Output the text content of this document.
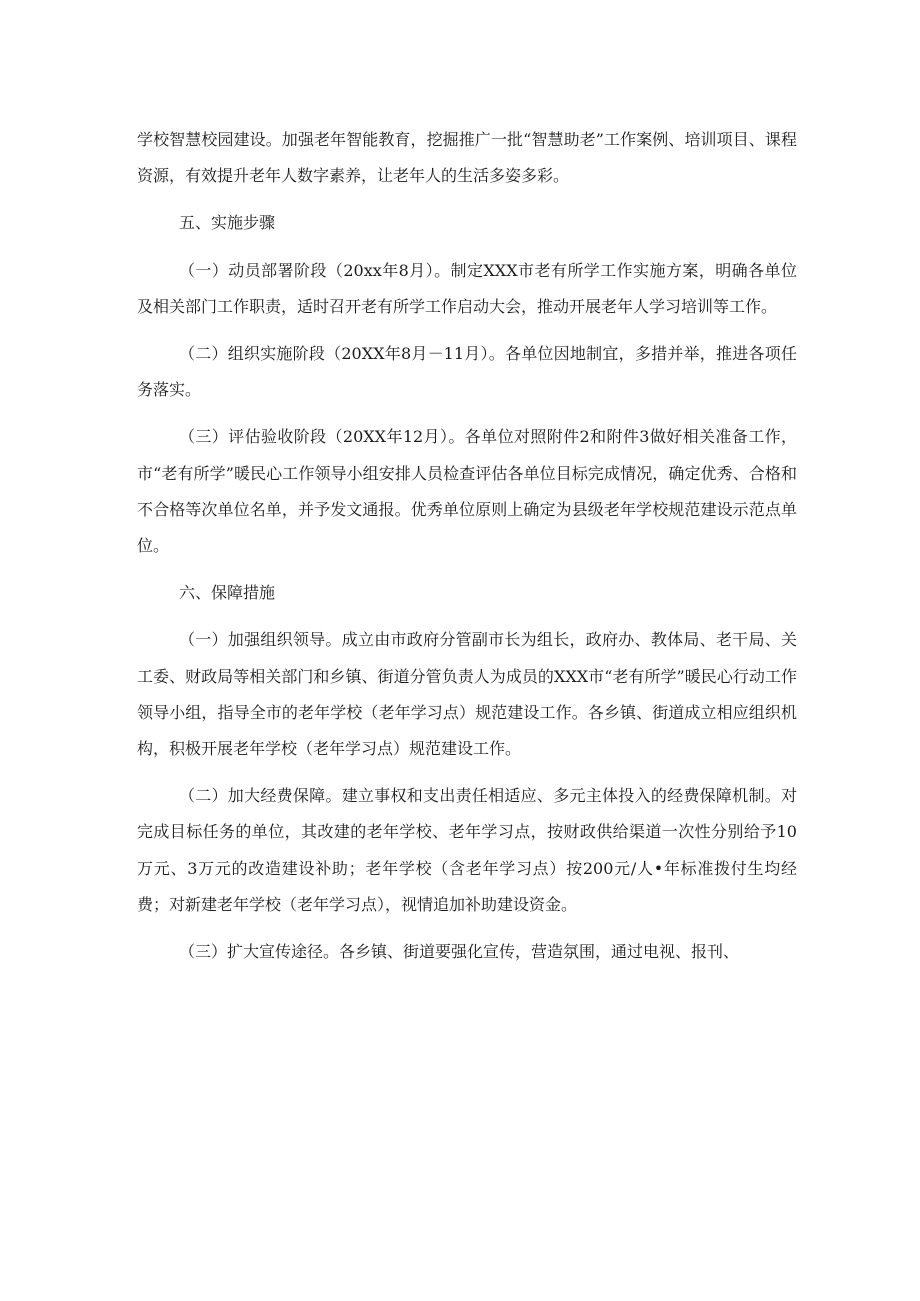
学校智慧校园建设。加强老年智能教育，挖掘推广一批“智慧助老”工作案例、培训项目、课程资源，有效提升老年人数字素养，让老年人的生活多姿多彩。

五、实施步骤

（一）动员部署阶段（20xx年8月）。制定XXX市老有所学工作实施方案，明确各单位及相关部门工作职责，适时召开老有所学工作启动大会，推动开展老年人学习培训等工作。

（二）组织实施阶段（20XX年8月－11月）。各单位因地制宜，多措并举，推进各项任务落实。

（三）评估验收阶段（20XX年12月）。各单位对照附件2和附件3做好相关准备工作，市“老有所学”暖民心工作领导小组安排人员检查评估各单位目标完成情况，确定优秀、合格和不合格等次单位名单，并予发文通报。优秀单位原则上确定为县级老年学校规范建设示范点单位。

六、保障措施

（一）加强组织领导。成立由市政府分管副市长为组长，政府办、教体局、老干局、关工委、财政局等相关部门和乡镇、街道分管负责人为成员的XXX市“老有所学”暖民心行动工作领导小组，指导全市的老年学校（老年学习点）规范建设工作。各乡镇、街道成立相应组织机构，积极开展老年学校（老年学习点）规范建设工作。

（二）加大经费保障。建立事权和支出责任相适应、多元主体投入的经费保障机制。对完成目标任务的单位，其改建的老年学校、老年学习点，按财政供给渠道一次性分别给予10万元、3万元的改造建设补助；老年学校（含老年学习点）按200元/人•年标准拨付生均经费；对新建老年学校（老年学习点），视情追加补助建设资金。

（三）扩大宣传途径。各乡镇、街道要强化宣传，营造氛围，通过电视、报刊、
